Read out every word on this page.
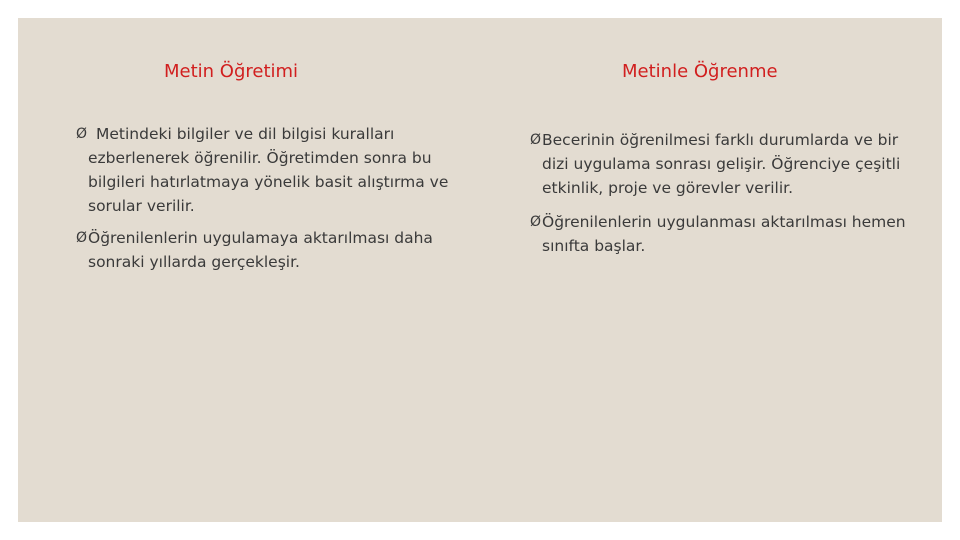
Metin Öğretimi
Ø Metindeki bilgiler ve dil bilgisi kuralları ezberlenerek öğrenilir. Öğretimden sonra bu bilgileri hatırlatmaya yönelik basit alıştırma ve sorular verilir.
Ø Öğrenilenlerin uygulamaya aktarılması daha sonraki yıllarda gerçekleşir.
Metinle Öğrenme
Ø Becerinin öğrenilmesi farklı durumlarda ve bir dizi uygulama sonrası gelişir. Öğrenciye çeşitli etkinlik, proje ve görevler verilir.
Ø Öğrenilenlerin uygulanması aktarılması hemen sınıfta başlar.
